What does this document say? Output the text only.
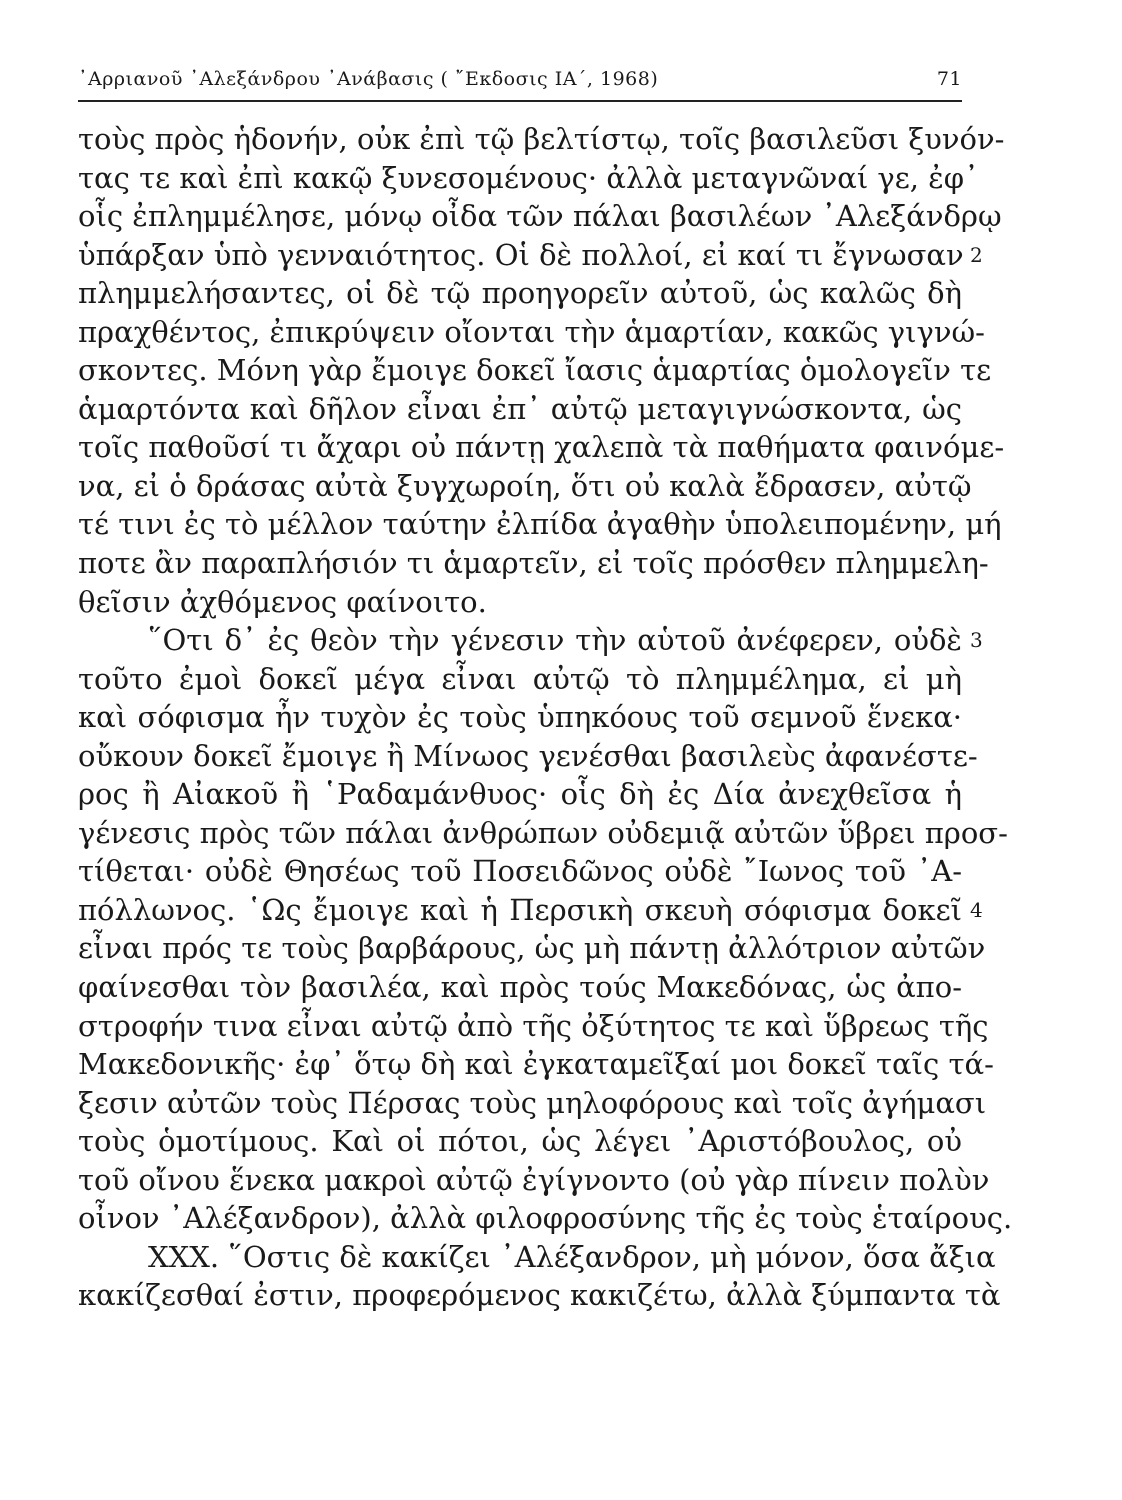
᾿Αρριανοῦ ᾿Αλεξάνδρου ᾿Ανάβασις ( ῎Εκδοσις ΙΑ΄, 1968)	71
τοὺς πρὸς ἡδονήν, οὐκ ἐπὶ τῷ βελτίστῳ, τοῖς βασιλεῦσι ξυνόν-
τας τε καὶ ἐπὶ κακῷ ξυνεσομένους· ἀλλὰ μεταγνῶναί γε, ἐφ᾿
οἷς ἐπλημμέλησε, μόνῳ οἶδα τῶν πάλαι βασιλέων ᾿Αλεξάνδρῳ
ὑπάρξαν ὑπὸ γενναιότητος. Οἱ δὲ πολλοί, εἰ καί τι ἔγνωσαν 2
πλημμελήσαντες, οἱ δὲ τῷ προηγορεῖν αὐτοῦ, ὡς καλῶς δὴ
πραχθέντος, ἐπικρύψειν οἴονται τὴν ἁμαρτίαν, κακῶς γιγνώ-
σκοντες. Μόνη γὰρ ἔμοιγε δοκεῖ ἴασις ἁμαρτίας ὁμολογεῖν τε
ἁμαρτόντα καὶ δῆλον εἶναι ἐπ᾿ αὐτῷ μεταγιγνώσκοντα, ὡς
τοῖς παθοῦσί τι ἄχαρι οὐ πάντῃ χαλεπὰ τὰ παθήματα φαινόμε-
να, εἰ ὁ δράσας αὐτὰ ξυγχωροίη, ὅτι οὐ καλὰ ἔδρασεν, αὐτῷ
τέ τινι ἐς τὸ μέλλον ταύτην ἐλπίδα ἀγαθὴν ὑπολειπομένην, μή
ποτε ἂν παραπλήσιόν τι ἁμαρτεῖν, εἰ τοῖς πρόσθεν πλημμελη-
θεῖσιν ἀχθόμενος φαίνοιτο.
῞Οτι δ᾿ ἐς θεὸν τὴν γένεσιν τὴν αὑτοῦ ἀνέφερεν, οὐδὲ 3
τοῦτο ἐμοὶ δοκεῖ μέγα εἶναι αὐτῷ τὸ πλημμέλημα, εἰ μὴ
καὶ σόφισμα ἦν τυχὸν ἐς τοὺς ὑπηκόους τοῦ σεμνοῦ ἕνεκα·
οὔκουν δοκεῖ ἔμοιγε ἢ Μίνωος γενέσθαι βασιλεὺς ἀφανέστε-
ρος ἢ Αἰακοῦ ἢ ῾Ραδαμάνθυος· οἷς δὴ ἐς Δία ἀνεχθεῖσα ἡ
γένεσις πρὸς τῶν πάλαι ἀνθρώπων οὐδεμιᾷ αὐτῶν ὕβρει προσ-
τίθεται· οὐδὲ Θησέως τοῦ Ποσειδῶνος οὐδὲ ῎Ιωνος τοῦ ᾿Α-
πόλλωνος. ῾Ως ἔμοιγε καὶ ἡ Περσικὴ σκευὴ σόφισμα δοκεῖ 4
εἶναι πρός τε τοὺς βαρβάρους, ὡς μὴ πάντῃ ἀλλότριον αὐτῶν
φαίνεσθαι τὸν βασιλέα, καὶ πρὸς τούς Μακεδόνας, ὡς ἀπο-
στροφήν τινα εἶναι αὐτῷ ἀπὸ τῆς ὀξύτητος τε καὶ ὕβρεως τῆς
Μακεδονικῆς· ἐφ᾿ ὅτῳ δὴ καὶ ἐγκαταμεῖξαί μοι δοκεῖ ταῖς τά-
ξεσιν αὐτῶν τοὺς Πέρσας τοὺς μηλοφόρους καὶ τοῖς ἀγήμασι
τοὺς ὁμοτίμους. Καὶ οἱ πότοι, ὡς λέγει ᾿Αριστόβουλος, οὐ
τοῦ οἴνου ἕνεκα μακροὶ αὐτῷ ἐγίγνοντο (οὐ γὰρ πίνειν πολὺν
οἶνον ᾿Αλέξανδρον), ἀλλὰ φιλοφροσύνης τῆς ἐς τοὺς ἑταίρους.
ΧΧΧ. ῞Οστις δὲ κακίζει ᾿Αλέξανδρον, μὴ μόνον, ὅσα ἄξια
κακίζεσθαί ἐστιν, προφερόμενος κακιζέτω, ἀλλὰ ξύμπαντα τὰ
